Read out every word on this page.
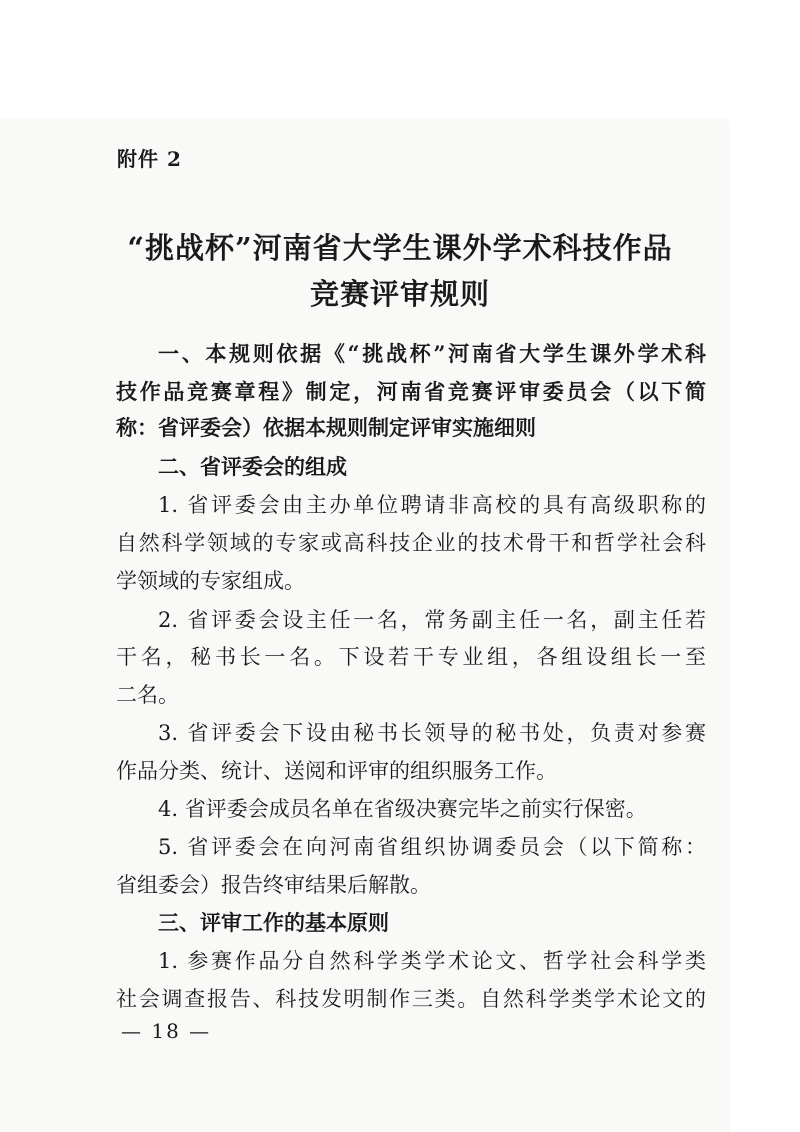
附件 2
“挑战杯”河南省大学生课外学术科技作品
竞赛评审规则
一、本规则依据《“挑战杯”河南省大学生课外学术科
技作品竞赛章程》制定，河南省竞赛评审委员会（以下简
称：省评委会）依据本规则制定评审实施细则
二、省评委会的组成
1. 省评委会由主办单位聘请非高校的具有高级职称的
自然科学领域的专家或高科技企业的技术骨干和哲学社会科
学领域的专家组成。
2. 省评委会设主任一名，常务副主任一名，副主任若
干名，秘书长一名。下设若干专业组，各组设组长一至
二名。
3. 省评委会下设由秘书长领导的秘书处，负责对参赛
作品分类、统计、送阅和评审的组织服务工作。
4. 省评委会成员名单在省级决赛完毕之前实行保密。
5. 省评委会在向河南省组织协调委员会（以下简称：
省组委会）报告终审结果后解散。
三、评审工作的基本原则
1. 参赛作品分自然科学类学术论文、哲学社会科学类
社会调查报告、科技发明制作三类。自然科学类学术论文的
— 18 —
